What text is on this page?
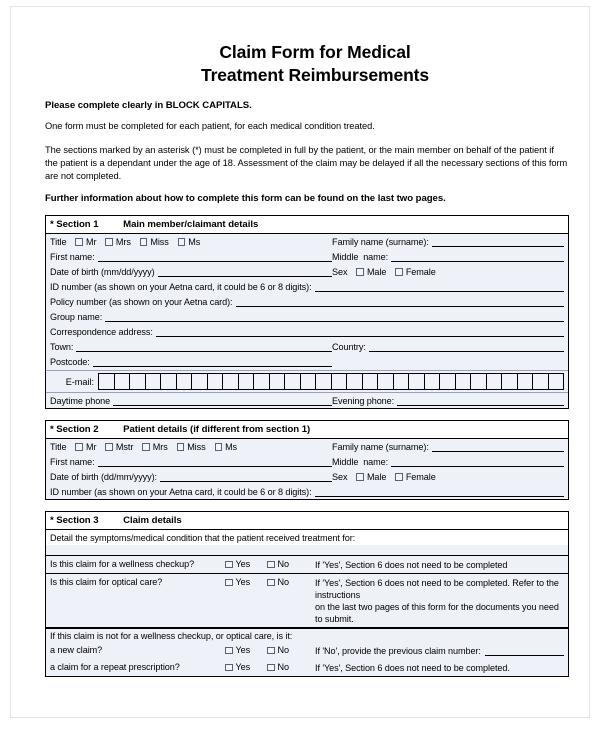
Claim Form for Medical
Treatment Reimbursements

Please complete clearly in BLOCK CAPITALS.

One form must be completed for each patient, for each medical condition treated.

The sections marked by an asterisk (*) must be completed in full by the patient, or the main member on behalf of the patient if the patient is a dependant under the age of 18. Assessment of the claim may be delayed if all the necessary sections of this form are not completed.

Further information about how to complete this form can be found on the last two pages.

* Section 1	Main member/claimant details
Title Mr Mrs Miss Ms	Family name (surname):
First name:	Middle  name:
Date of birth (mm/dd/yyyy)	Sex Male Female
ID number (as shown on your Aetna card, it could be 6 or 8 digits):
Policy number (as shown on your Aetna card):
Group name:
Correspondence address:
Town:	Country:
Postcode:
E-mail:
Daytime phone	Evening phone:
* Section 2	Patient details (if different from section 1)
Title Mr Mstr Mrs Miss Ms	Family name (surname):
First name:	Middle  name:
Date of birth (dd/mm/yyyy):	Sex Male Female
ID number (as shown on your Aetna card, it could be 6 or 8 digits):
* Section 3	Claim details
Detail the symptoms/medical condition that the patient received treatment for:
Is this claim for a wellness checkup?	Yes	No	If 'Yes', Section 6 does not need to be completed
Is this claim for optical care?	Yes	No	If 'Yes', Section 6 does not need to be completed. Refer to the instructions
on the last two pages of this form for the documents you need to submit.
If this claim is not for a wellness checkup, or optical care, is it:
a new claim?	Yes	No	If 'No', provide the previous claim number:
a claim for a repeat prescription?	Yes	No	If 'Yes', Section 6 does not need to be completed.
